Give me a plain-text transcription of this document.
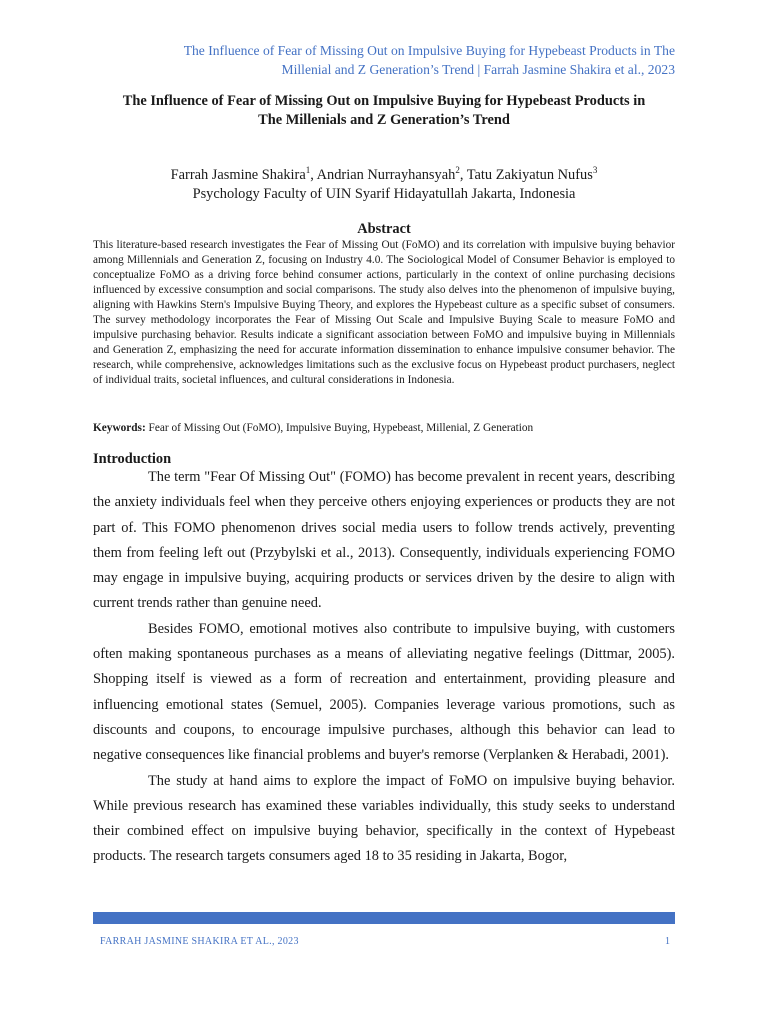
The Influence of Fear of Missing Out on Impulsive Buying for Hypebeast Products in The
Millenial and Z Generation’s Trend | Farrah Jasmine Shakira et al., 2023
The Influence of Fear of Missing Out on Impulsive Buying for Hypebeast Products in
The Millenials and Z Generation’s Trend
Farrah Jasmine Shakira$^1$, Andrian Nurrayhansyah$^2$, Tatu Zakiyatun Nufus$^3$
Psychology Faculty of UIN Syarif Hidayatullah Jakarta, Indonesia
Abstract
This literature-based research investigates the Fear of Missing Out (FoMO) and its correlation with impulsive buying behavior among Millennials and Generation Z, focusing on Industry 4.0. The Sociological Model of Consumer Behavior is employed to conceptualize FoMO as a driving force behind consumer actions, particularly in the context of online purchasing decisions influenced by excessive consumption and social comparisons. The study also delves into the phenomenon of impulsive buying, aligning with Hawkins Stern's Impulsive Buying Theory, and explores the Hypebeast culture as a specific subset of consumers. The survey methodology incorporates the Fear of Missing Out Scale and Impulsive Buying Scale to measure FoMO and impulsive purchasing behavior. Results indicate a significant association between FoMO and impulsive buying in Millennials and Generation Z, emphasizing the need for accurate information dissemination to enhance impulsive consumer behavior. The research, while comprehensive, acknowledges limitations such as the exclusive focus on Hypebeast product purchasers, neglect of individual traits, societal influences, and cultural considerations in Indonesia.
Keywords: Fear of Missing Out (FoMO), Impulsive Buying, Hypebeast, Millenial, Z Generation
Introduction

The term "Fear Of Missing Out" (FOMO) has become prevalent in recent years, describing the anxiety individuals feel when they perceive others enjoying experiences or products they are not part of. This FOMO phenomenon drives social media users to follow trends actively, preventing them from feeling left out (Przybylski et al., 2013). Consequently, individuals experiencing FOMO may engage in impulsive buying, acquiring products or services driven by the desire to align with current trends rather than genuine need.

Besides FOMO, emotional motives also contribute to impulsive buying, with customers often making spontaneous purchases as a means of alleviating negative feelings (Dittmar, 2005). Shopping itself is viewed as a form of recreation and entertainment, providing pleasure and influencing emotional states (Semuel, 2005). Companies leverage various promotions, such as discounts and coupons, to encourage impulsive purchases, although this behavior can lead to negative consequences like financial problems and buyer's remorse (Verplanken & Herabadi, 2001).

The study at hand aims to explore the impact of FoMO on impulsive buying behavior. While previous research has examined these variables individually, this study seeks to understand their combined effect on impulsive buying behavior, specifically in the context of Hypebeast products. The research targets consumers aged 18 to 35 residing in Jakarta, Bogor,

FARRAH JASMINE SHAKIRA ET AL., 2023	1
